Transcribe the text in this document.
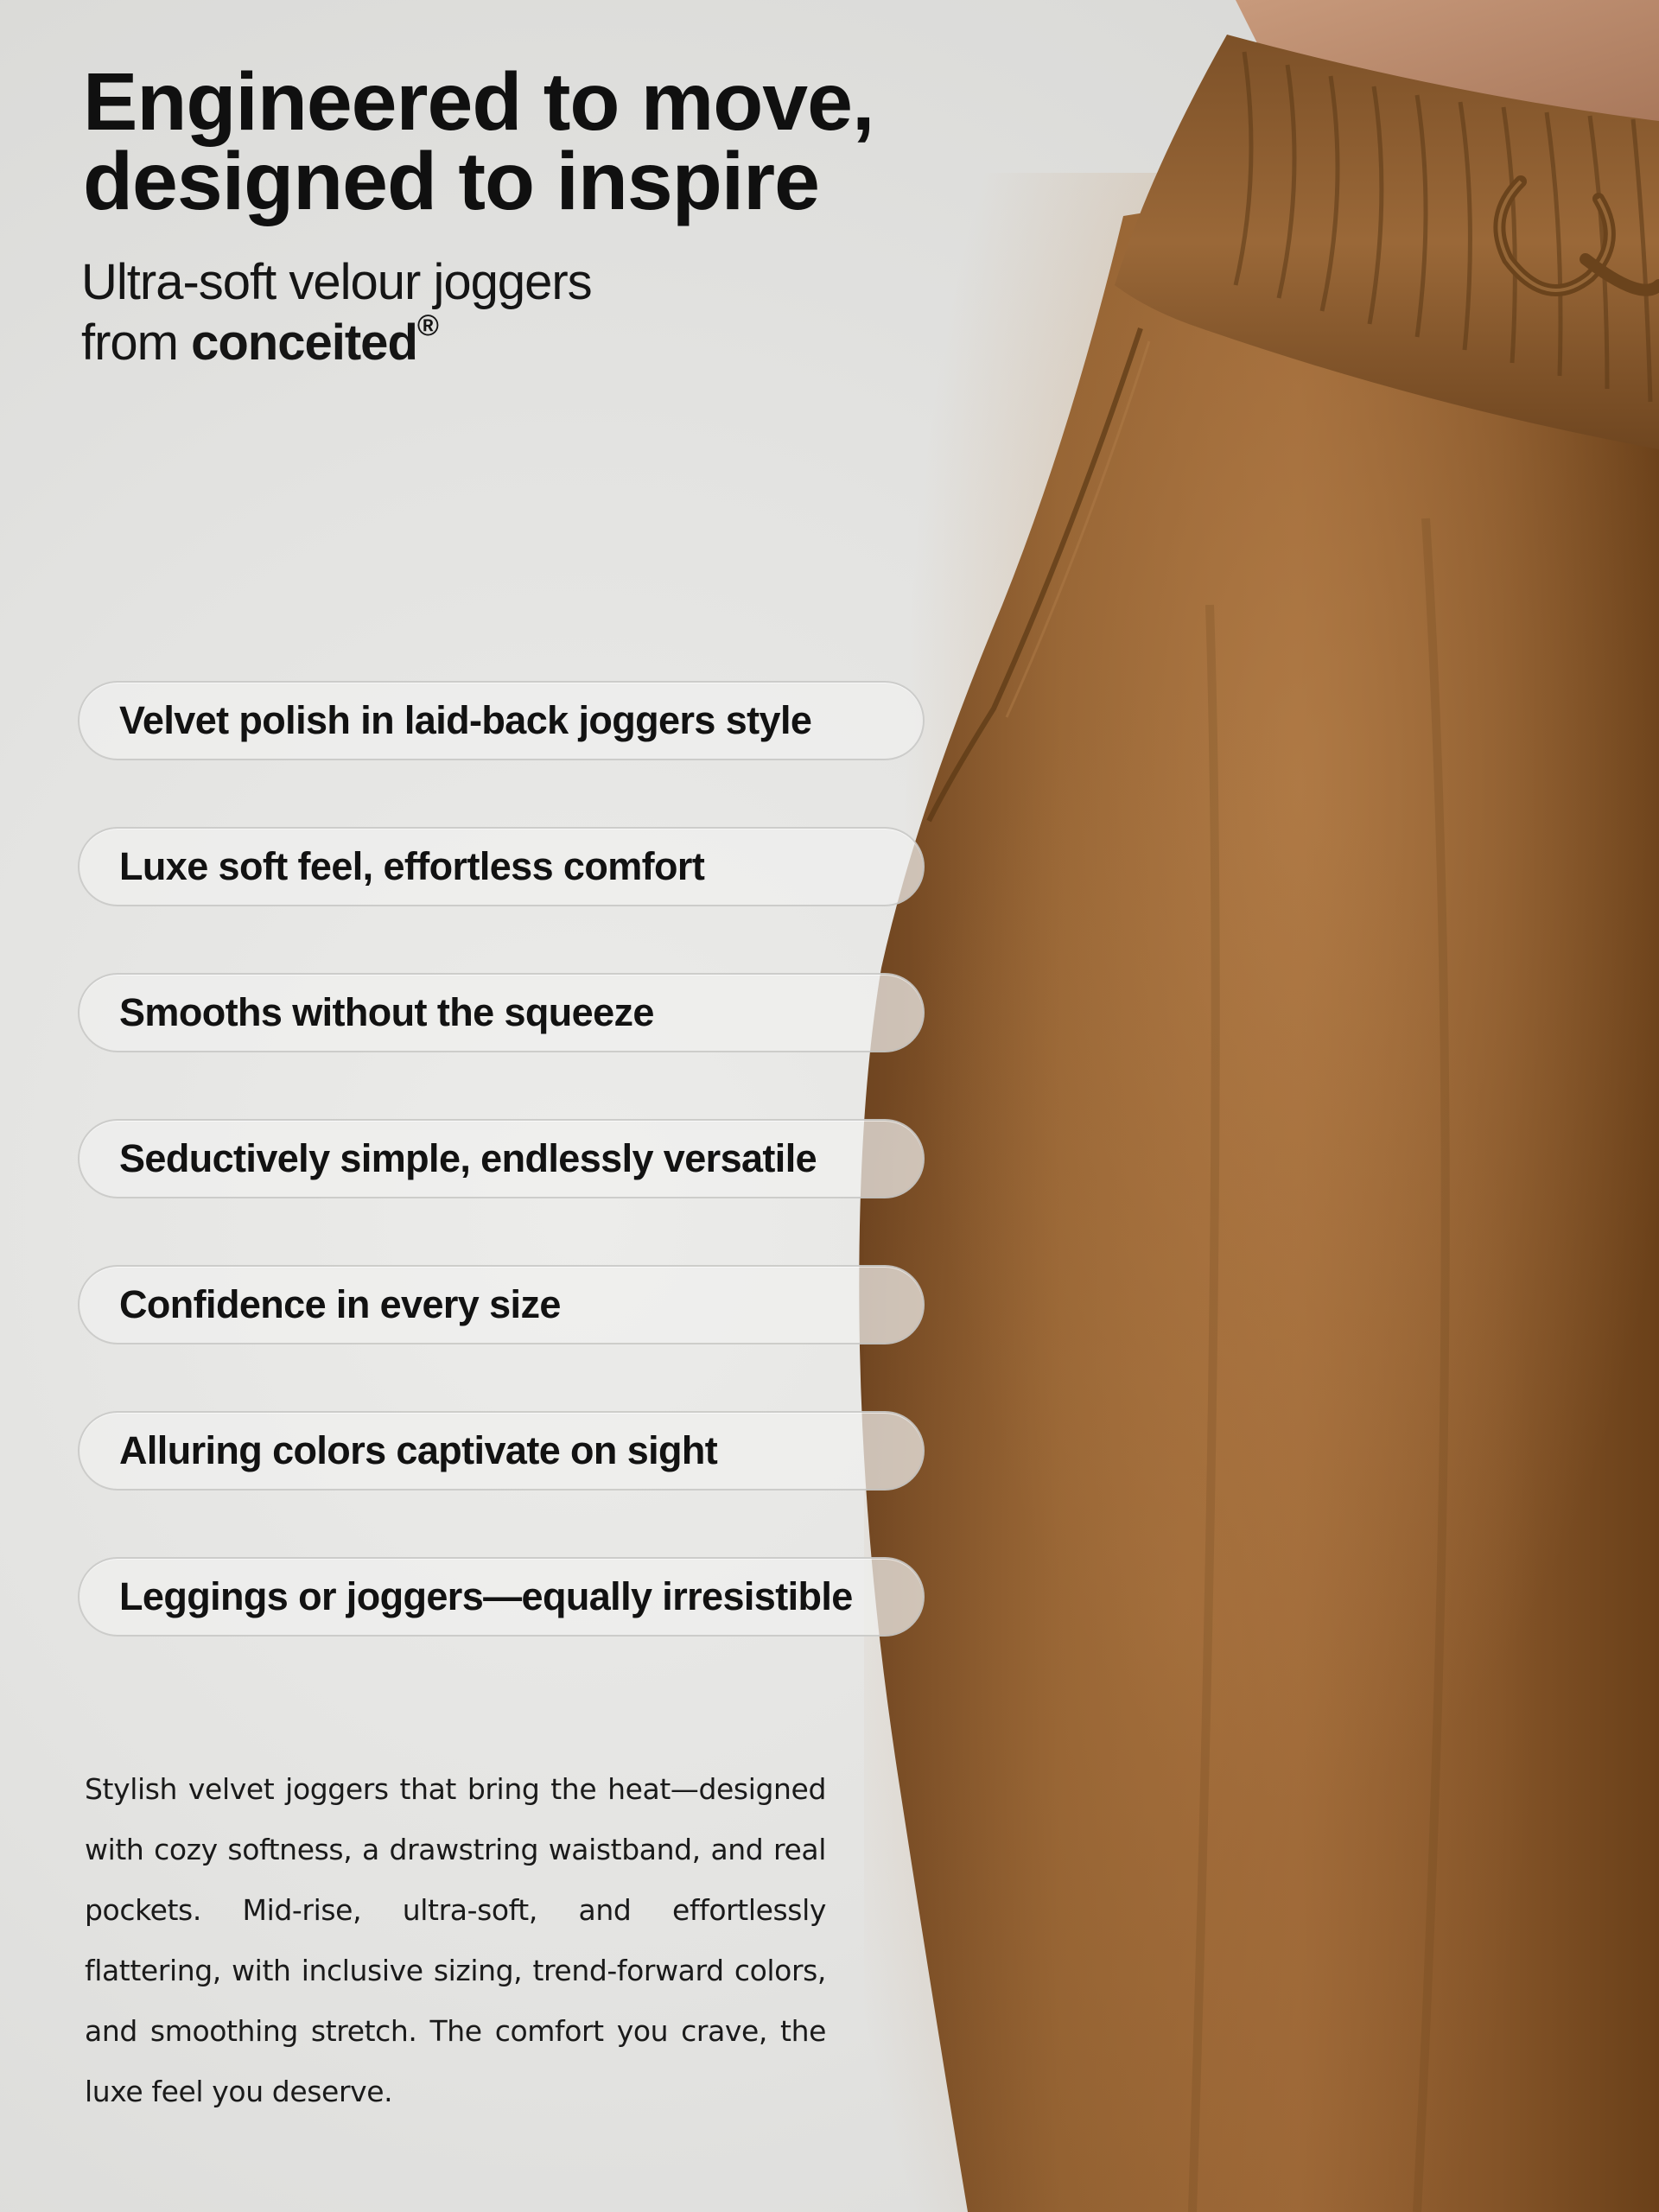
Engineered to move,
designed to inspire

Ultra-soft velour joggers
from conceited®

Velvet polish in laid-back joggers style
Luxe soft feel, effortless comfort
Smooths without the squeeze
Seductively simple, endlessly versatile
Confidence in every size
Alluring colors captivate on sight
Leggings or joggers—equally irresistible

Stylish velvet joggers that bring the heat—designed with cozy softness, a drawstring waistband, and real pockets. Mid-rise, ultra-soft, and effortlessly flattering, with inclusive sizing, trend-forward colors, and smoothing stretch. The comfort you crave, the luxe feel you deserve.
